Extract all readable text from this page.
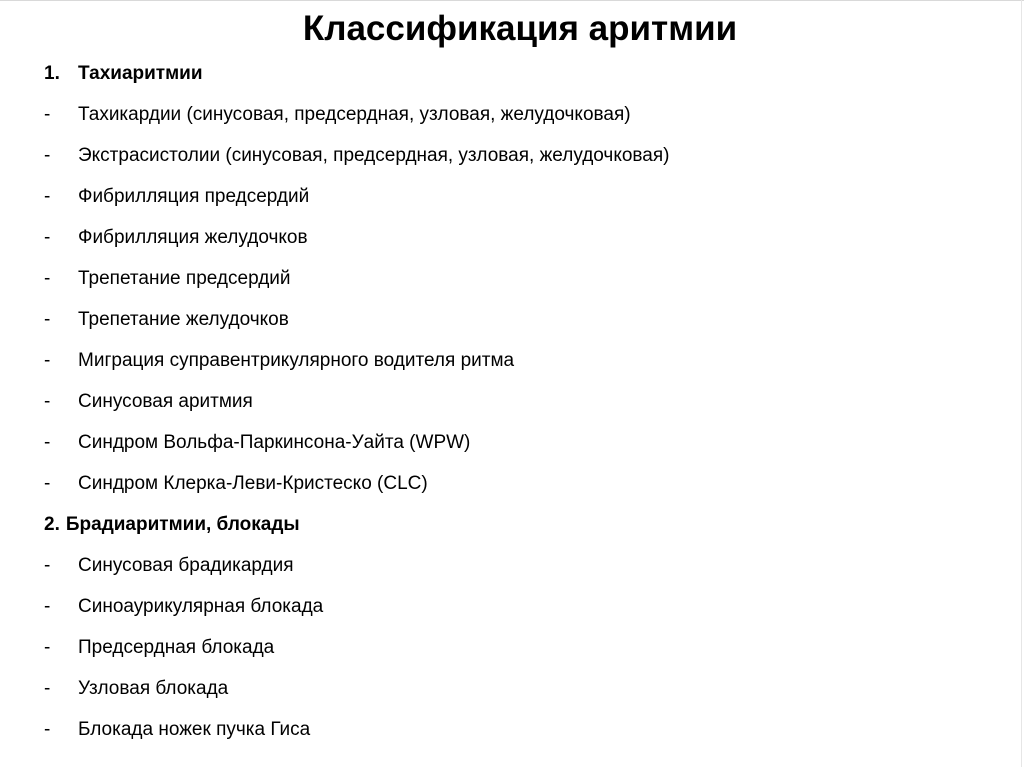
Классификация аритмии
1. Тахиаритмии
- Тахикардии (синусовая, предсердная, узловая, желудочковая)
- Экстрасистолии (синусовая, предсердная, узловая, желудочковая)
- Фибрилляция предсердий
- Фибрилляция желудочков
- Трепетание предсердий
- Трепетание желудочков
- Миграция суправентрикулярного водителя ритма
- Синусовая аритмия
- Синдром Вольфа-Паркинсона-Уайта (WPW)
- Синдром Клерка-Леви-Кристеско (CLC)
2. Брадиаритмии, блокады
- Синусовая брадикардия
- Синоаурикулярная блокада
- Предсердная блокада
- Узловая блокада
- Блокада ножек пучка Гиса
